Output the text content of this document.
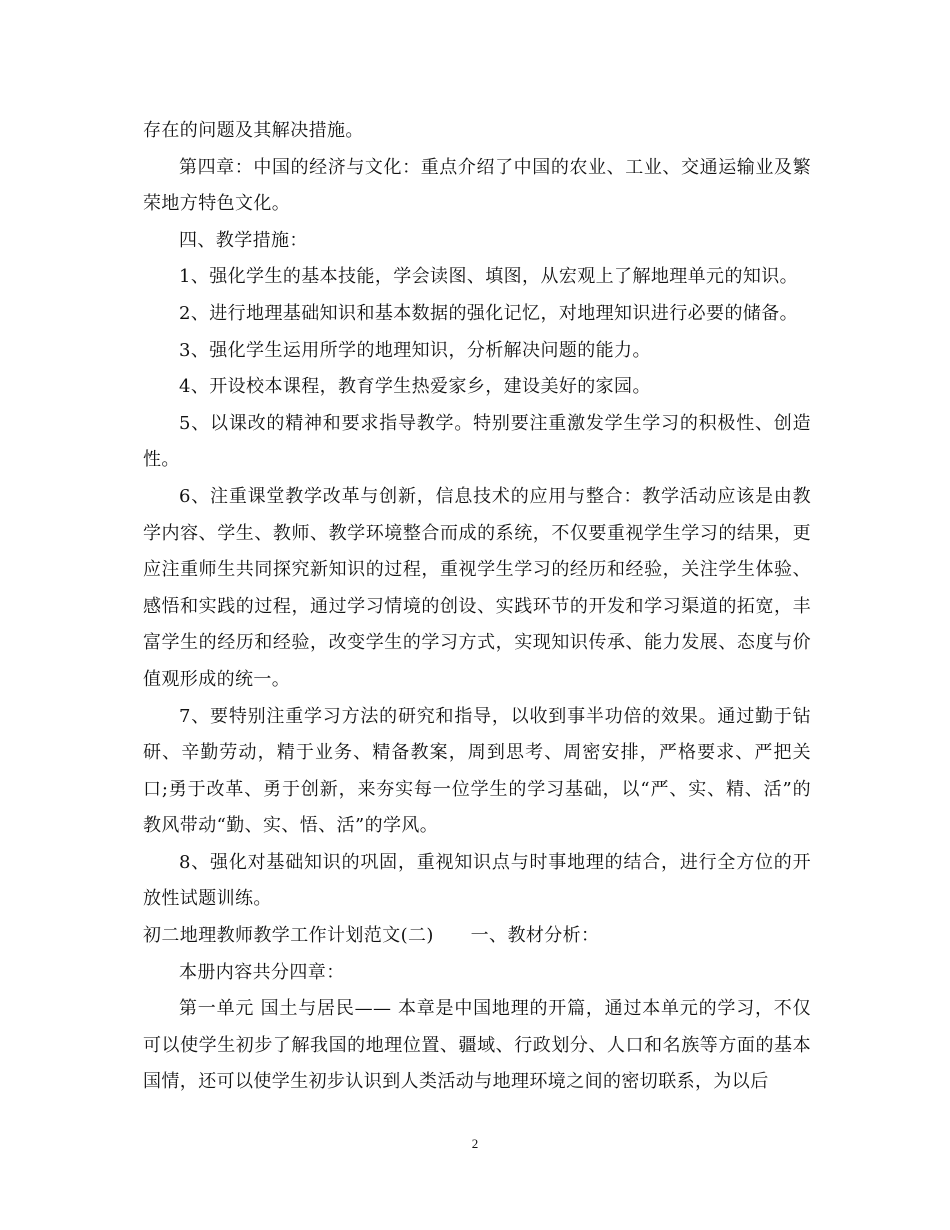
存在的问题及其解决措施。

第四章：中国的经济与文化：重点介绍了中国的农业、工业、交通运输业及繁荣地方特色文化。

四、教学措施：

1、强化学生的基本技能，学会读图、填图，从宏观上了解地理单元的知识。

2、进行地理基础知识和基本数据的强化记忆，对地理知识进行必要的储备。

3、强化学生运用所学的地理知识，分析解决问题的能力。

4、开设校本课程，教育学生热爱家乡，建设美好的家园。

5、以课改的精神和要求指导教学。特别要注重激发学生学习的积极性、创造性。

6、注重课堂教学改革与创新，信息技术的应用与整合：教学活动应该是由教学内容、学生、教师、教学环境整合而成的系统，不仅要重视学生学习的结果，更应注重师生共同探究新知识的过程，重视学生学习的经历和经验，关注学生体验、感悟和实践的过程，通过学习情境的创设、实践环节的开发和学习渠道的拓宽，丰富学生的经历和经验，改变学生的学习方式，实现知识传承、能力发展、态度与价值观形成的统一。

7、要特别注重学习方法的研究和指导，以收到事半功倍的效果。通过勤于钻研、辛勤劳动，精于业务、精备教案，周到思考、周密安排，严格要求、严把关口;勇于改革、勇于创新，来夯实每一位学生的学习基础，以“严、实、精、活”的教风带动“勤、实、悟、活”的学风。

8、强化对基础知识的巩固，重视知识点与时事地理的结合，进行全方位的开放性试题训练。

初二地理教师教学工作计划范文(二)　　一、教材分析：

本册内容共分四章：

第一单元 国土与居民—— 本章是中国地理的开篇，通过本单元的学习，不仅可以使学生初步了解我国的地理位置、疆域、行政划分、人口和名族等方面的基本国情，还可以使学生初步认识到人类活动与地理环境之间的密切联系，为以后

2
